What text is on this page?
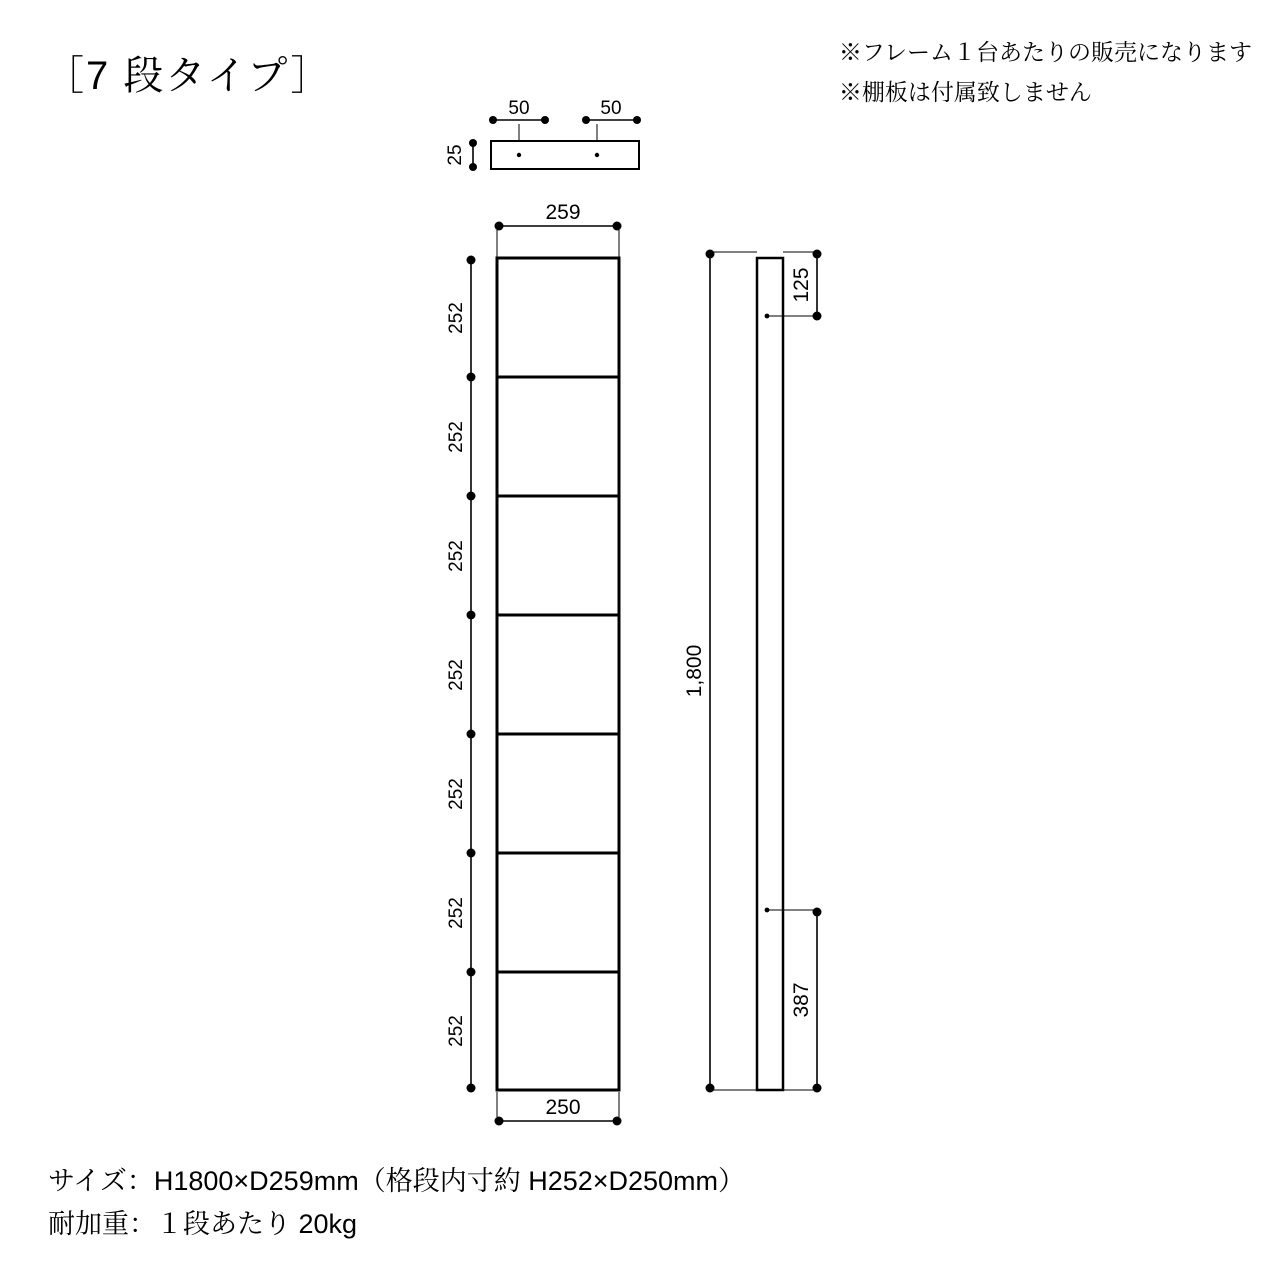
50	50
25
259
250
252
252
252
252
252
252
252
1,800
125
387
［7 段タイプ］
※フレーム１台あたりの販売になります
※棚板は付属致しません
サイズ：H1800×D259mm（格段内寸約 H252×D250mm）
耐加重：１段あたり 20kg
